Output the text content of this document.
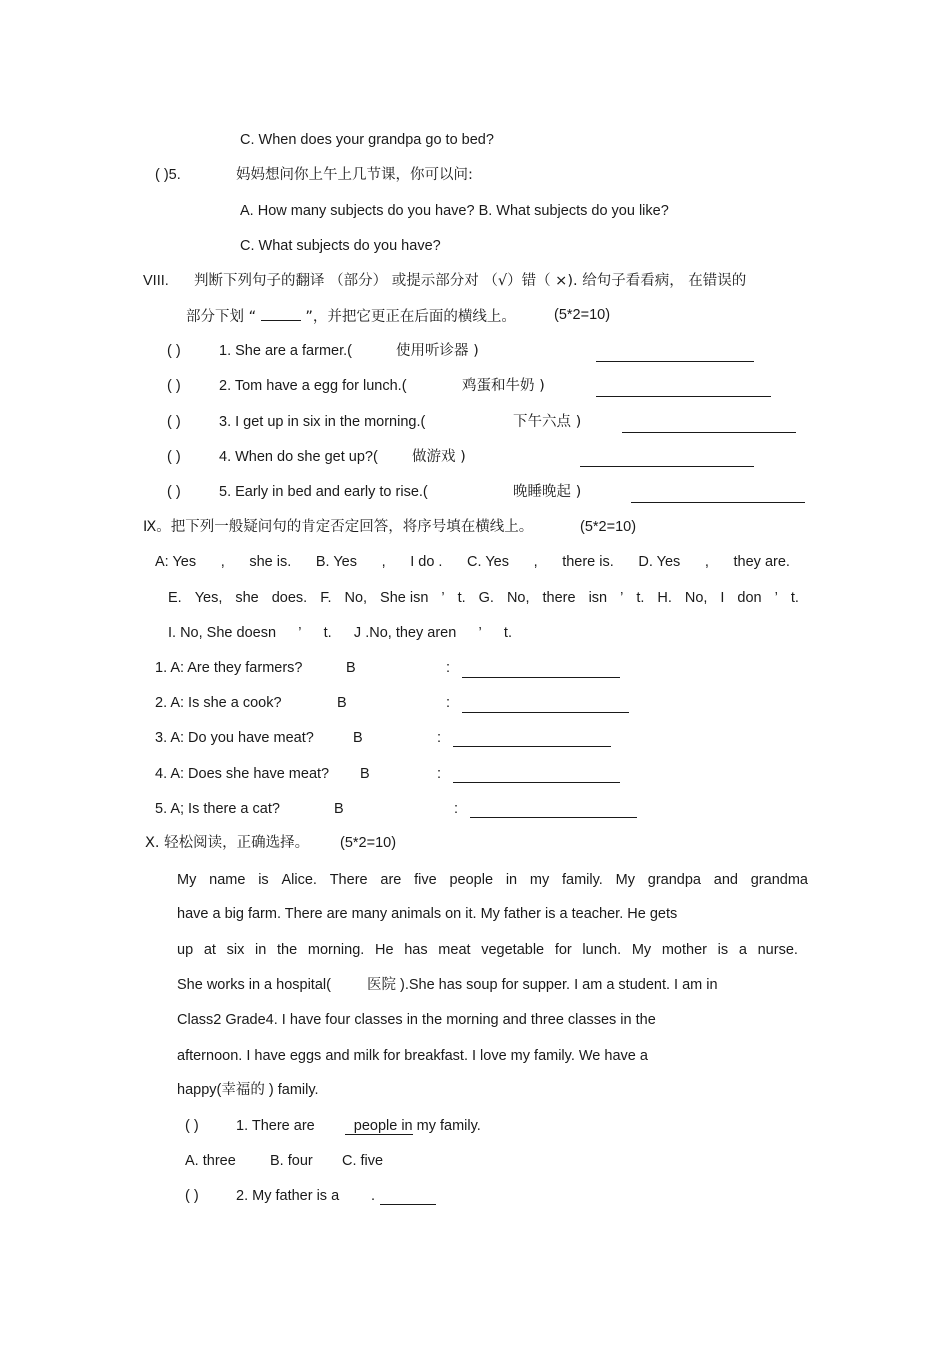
C. When does your grandpa go to bed?
( )5.	妈妈想问你上午上几节课，你可以问:
A. How many subjects do you have? B. What subjects do you like?
C. What subjects do you have?
VIII. 判断下列句子的翻译 （部分） 或提示部分对 （√）错（ ×). 给句子看看病， 在错误的
部分下划 “	”，并把它更正在后面的横线上。	(5*2=10)
( )	1. She are a farmer.(	使用听诊器 )
( )	2. Tom have a egg for lunch.(	鸡蛋和牛奶 )
( )	3. I get up in six in the morning.(	下午六点 )
( )	4. When do she get up?( 做游戏 )
( )	5. Early in bed and early to rise.(	晚睡晚起 )
Ⅸ。把下列一般疑问句的肯定否定回答，将序号填在横线上。	(5*2=10)
A: Yes , she is. B. Yes , I do . C. Yes , there is. D. Yes , they are.
E. Yes, she does. F. No, She isn ’ t. G. No, there isn ’ t. H. No, I don ’ t.
I. No, She doesn ’ t. J .No, they aren ’ t.
1. A: Are they farmers?	B	:
2. A: Is she a cook?	B	:
3. A: Do you have meat?	B	:
4. A: Does she have meat? B	:
5. A; Is there a cat?	B	:
Ⅹ. 轻松阅读，正确选择。 (5*2=10)
My name is Alice. There are five people in my family. My grandpa and grandma
have a big farm. There are many animals on it. My father is a teacher. He gets
up at six in the morning. He has meat vegetable for lunch. My mother is a nurse.
She works in a hospital( 医院 ).She has soup for supper. I am a student. I am in
Class2 Grade4. I have four classes in the morning and three classes in the
afternoon. I have eggs and milk for breakfast. I love my family. We have a
happy(幸福的 ) family.
( )	1. There are	people in my family.
A. three B. four C. five
( )	2. My father is a .
